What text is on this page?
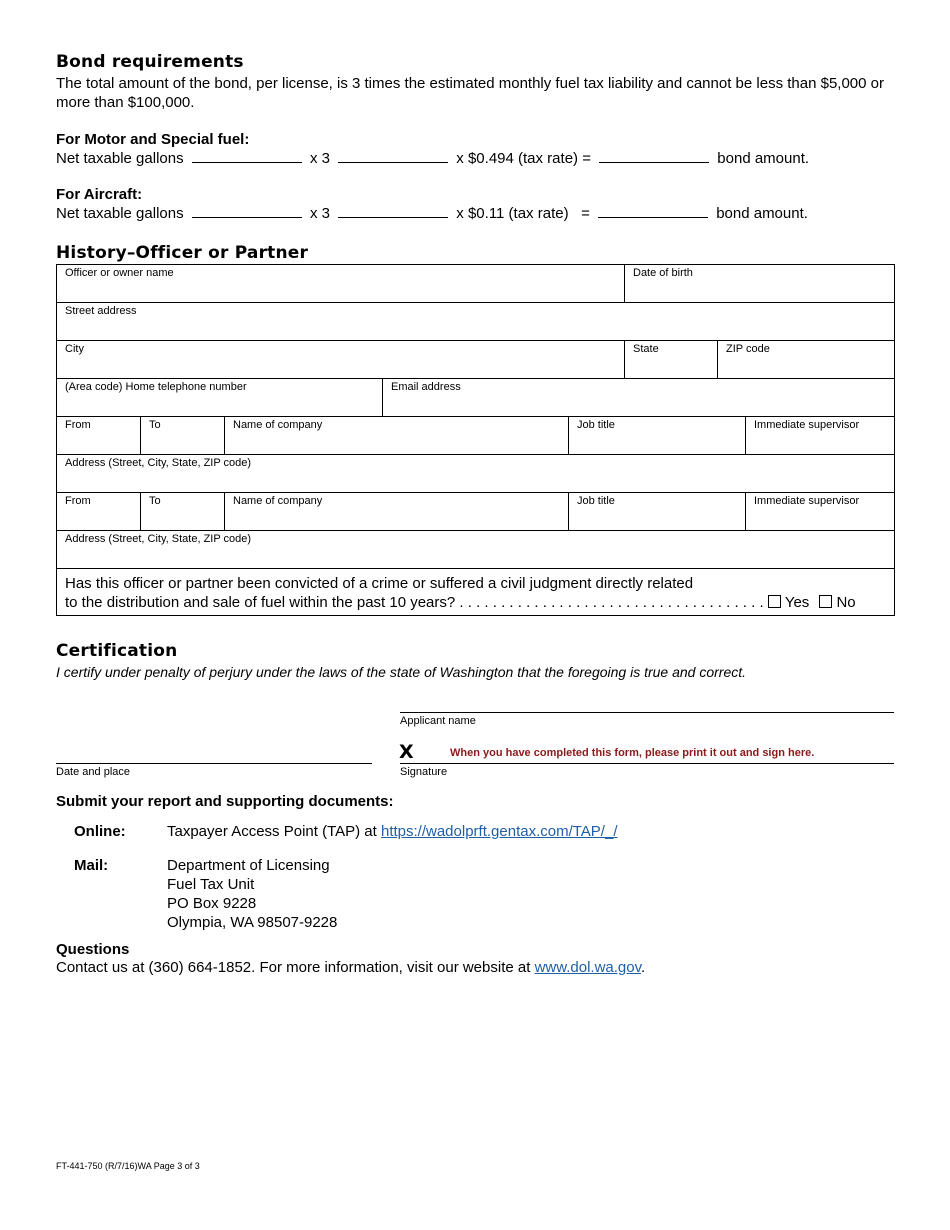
Bond requirements
The total amount of the bond, per license, is 3 times the estimated monthly fuel tax liability and cannot be less than $5,000 or more than $100,000.
For Motor and Special fuel:
Net taxable gallons	x 3	x $0.494 (tax rate) =	bond amount.
For Aircraft:
Net taxable gallons	x 3	x $0.11 (tax rate)   =	bond amount.
History–Officer or Partner
Officer or owner name	Date of birth
Street address
City	State	ZIP code
(Area code) Home telephone number	Email address
From	To	Name of company	Job title	Immediate supervisor
Address (Street, City, State, ZIP code)
From	To	Name of company	Job title	Immediate supervisor
Address (Street, City, State, ZIP code)
Has this officer or partner been convicted of a crime or suffered a civil judgment directly related
to the distribution and sale of fuel within the past 10 years? . . . . . . . . . . . . . . . . . . . . . . . . . . . . . . . . . . . . . Yes No
Certification
I certify under penalty of perjury under the laws of the state of Washington that the foregoing is true and correct.
Applicant name
Date and place
X	When you have completed this form, please print it out and sign here.
Signature
Submit your report and supporting documents:
Online:	Taxpayer Access Point (TAP) at https://wadolprft.gentax.com/TAP/_/
Mail:	Department of Licensing
Fuel Tax Unit
PO Box 9228
Olympia, WA 98507-9228
Questions
Contact us at (360) 664-1852. For more information, visit our website at www.dol.wa.gov.
FT-441-750 (R/7/16)WA Page 3 of 3
